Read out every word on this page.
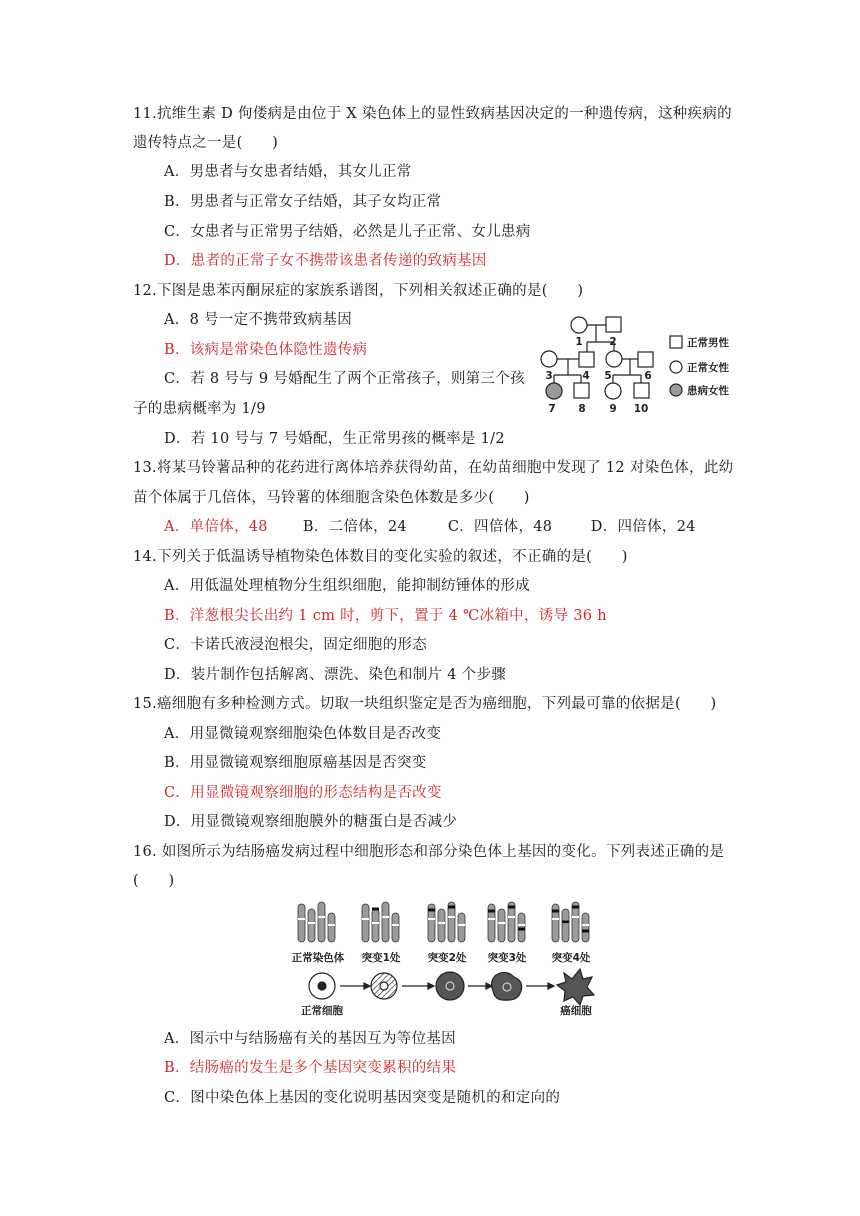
11.抗维生素 D 佝偻病是由位于 X 染色体上的显性致病基因决定的一种遗传病，这种疾病的
遗传特点之一是(　　)
A．男患者与女患者结婚，其女儿正常
B．男患者与正常女子结婚，其子女均正常
C．女患者与正常男子结婚，必然是儿子正常、女儿患病
D．患者的正常子女不携带该患者传递的致病基因
12.下图是患苯丙酮尿症的家族系谱图，下列相关叙述正确的是(　　)
A．8 号一定不携带致病基因
B．该病是常染色体隐性遗传病
C．若 8 号与 9 号婚配生了两个正常孩子，则第三个孩
子的患病概率为 1/9
D．若 10 号与 7 号婚配，生正常男孩的概率是 1/2
1	2
3	4 5	6
7 8 9 10
正常男性
正常女性
患病女性
13.将某马铃薯品种的花药进行离体培养获得幼苗，在幼苗细胞中发现了 12 对染色体，此幼
苗个体属于几倍体，马铃薯的体细胞含染色体数是多少(　　)
A．单倍体，48 B．二倍体，24	C．四倍体，48	D．四倍体，24
14.下列关于低温诱导植物染色体数目的变化实验的叙述，不正确的是(　　)
A．用低温处理植物分生组织细胞，能抑制纺锤体的形成
B．洋葱根尖长出约 1 cm 时，剪下，置于 4 ℃冰箱中，诱导 36 h
C．卡诺氏液浸泡根尖，固定细胞的形态
D．装片制作包括解离、漂洗、染色和制片 4 个步骤
15.癌细胞有多种检测方式。切取一块组织鉴定是否为癌细胞，下列最可靠的依据是(　　)
A．用显微镜观察细胞染色体数目是否改变
B．用显微镜观察细胞原癌基因是否突变
C．用显微镜观察细胞的形态结构是否改变
D．用显微镜观察细胞膜外的糖蛋白是否减少
16. 如图所示为结肠癌发病过程中细胞形态和部分染色体上基因的变化。下列表述正确的是
(　　)
正常染色体 突变1处	突变2处 突变3处 突变4处
正常细胞	癌细胞
A．图示中与结肠癌有关的基因互为等位基因
B．结肠癌的发生是多个基因突变累积的结果
C．图中染色体上基因的变化说明基因突变是随机的和定向的
